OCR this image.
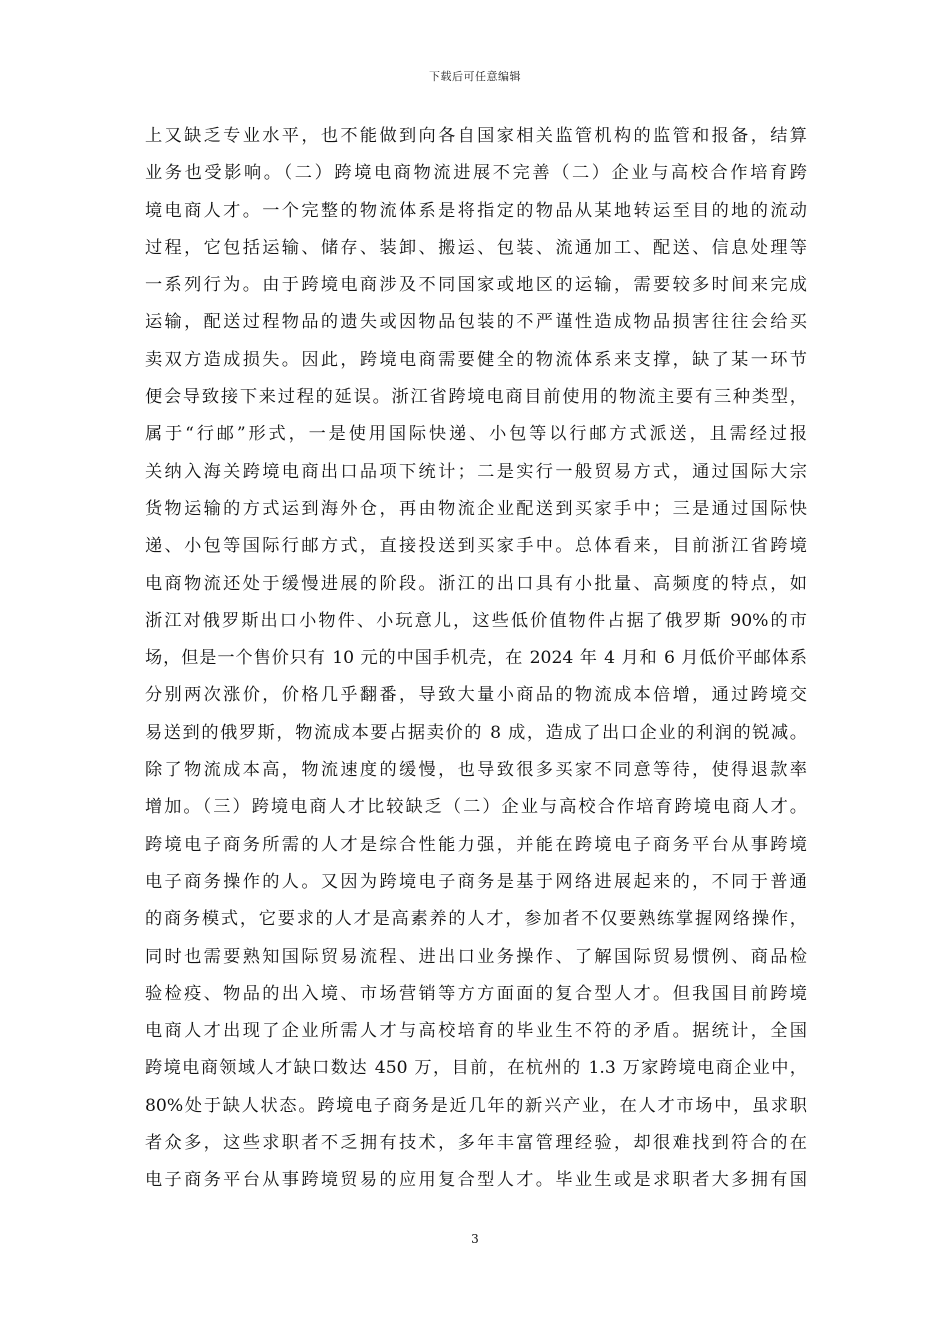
下载后可任意编辑
上又缺乏专业水平，也不能做到向各自国家相关监管机构的监管和报备，结算
业务也受影响。（二）跨境电商物流进展不完善（二）企业与高校合作培育跨
境电商人才。一个完整的物流体系是将指定的物品从某地转运至目的地的流动
过程，它包括运输、储存、装卸、搬运、包装、流通加工、配送、信息处理等
一系列行为。由于跨境电商涉及不同国家或地区的运输，需要较多时间来完成
运输，配送过程物品的遗失或因物品包装的不严谨性造成物品损害往往会给买
卖双方造成损失。因此，跨境电商需要健全的物流体系来支撑，缺了某一环节
便会导致接下来过程的延误。浙江省跨境电商目前使用的物流主要有三种类型，
属于“行邮”形式，一是使用国际快递、小包等以行邮方式派送，且需经过报
关纳入海关跨境电商出口品项下统计；二是实行一般贸易方式，通过国际大宗
货物运输的方式运到海外仓，再由物流企业配送到买家手中；三是通过国际快
递、小包等国际行邮方式，直接投送到买家手中。总体看来，目前浙江省跨境
电商物流还处于缓慢进展的阶段。浙江的出口具有小批量、高频度的特点，如
浙江对俄罗斯出口小物件、小玩意儿，这些低价值物件占据了俄罗斯 90%的市
场，但是一个售价只有 10 元的中国手机壳，在 2024 年 4 月和 6 月低价平邮体系
分别两次涨价，价格几乎翻番，导致大量小商品的物流成本倍增，通过跨境交
易送到的俄罗斯，物流成本要占据卖价的 8 成，造成了出口企业的利润的锐减。
除了物流成本高，物流速度的缓慢，也导致很多买家不同意等待，使得退款率
增加。（三）跨境电商人才比较缺乏（二）企业与高校合作培育跨境电商人才。
跨境电子商务所需的人才是综合性能力强，并能在跨境电子商务平台从事跨境
电子商务操作的人。又因为跨境电子商务是基于网络进展起来的，不同于普通
的商务模式，它要求的人才是高素养的人才，参加者不仅要熟练掌握网络操作，
同时也需要熟知国际贸易流程、进出口业务操作、了解国际贸易惯例、商品检
验检疫、物品的出入境、市场营销等方方面面的复合型人才。但我国目前跨境
电商人才出现了企业所需人才与高校培育的毕业生不符的矛盾。据统计，全国
跨境电商领域人才缺口数达 450 万，目前，在杭州的 1.3 万家跨境电商企业中，
80%处于缺人状态。跨境电子商务是近几年的新兴产业，在人才市场中，虽求职
者众多，这些求职者不乏拥有技术，多年丰富管理经验，却很难找到符合的在
电子商务平台从事跨境贸易的应用复合型人才。毕业生或是求职者大多拥有国
3
